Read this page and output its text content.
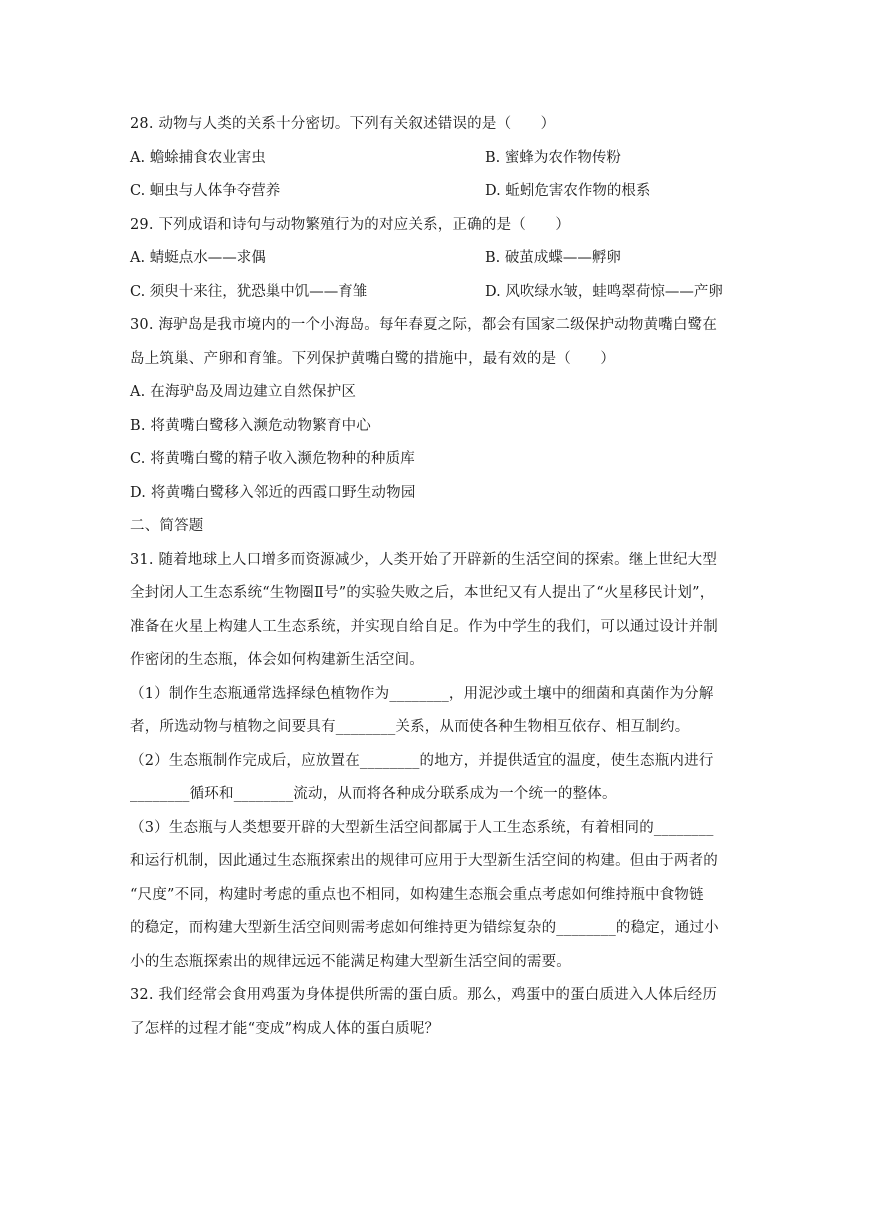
28. 动物与人类的关系十分密切。下列有关叙述错误的是（　　）
A. 蟾蜍捕食农业害虫	B. 蜜蜂为农作物传粉
C. 蛔虫与人体争夺营养	D. 蚯蚓危害农作物的根系
29. 下列成语和诗句与动物繁殖行为的对应关系，正确的是（　　）
A. 蜻蜓点水——求偶	B. 破茧成蝶——孵卵
C. 须臾十来往，犹恐巢中饥——育雏	D. 风吹绿水皱，蛙鸣翠荷惊——产卵
30. 海驴岛是我市境内的一个小海岛。每年春夏之际，都会有国家二级保护动物黄嘴白鹭在
岛上筑巢、产卵和育雏。下列保护黄嘴白鹭的措施中，最有效的是（　　）
A. 在海驴岛及周边建立自然保护区
B. 将黄嘴白鹭移入濒危动物繁育中心
C. 将黄嘴白鹭的精子收入濒危物种的种质库
D. 将黄嘴白鹭移入邻近的西霞口野生动物园
二、简答题
31. 随着地球上人口增多而资源减少，人类开始了开辟新的生活空间的探索。继上世纪大型
全封闭人工生态系统“生物圈Ⅱ号”的实验失败之后，本世纪又有人提出了“火星移民计划”，
准备在火星上构建人工生态系统，并实现自给自足。作为中学生的我们，可以通过设计并制
作密闭的生态瓶，体会如何构建新生活空间。
（1）制作生态瓶通常选择绿色植物作为________，用泥沙或土壤中的细菌和真菌作为分解
者，所选动物与植物之间要具有________关系，从而使各种生物相互依存、相互制约。
（2）生态瓶制作完成后，应放置在________的地方，并提供适宜的温度，使生态瓶内进行
________循环和________流动，从而将各种成分联系成为一个统一的整体。
（3）生态瓶与人类想要开辟的大型新生活空间都属于人工生态系统，有着相同的________
和运行机制，因此通过生态瓶探索出的规律可应用于大型新生活空间的构建。但由于两者的
“尺度”不同，构建时考虑的重点也不相同，如构建生态瓶会重点考虑如何维持瓶中食物链
的稳定，而构建大型新生活空间则需考虑如何维持更为错综复杂的________的稳定，通过小
小的生态瓶探索出的规律远远不能满足构建大型新生活空间的需要。
32. 我们经常会食用鸡蛋为身体提供所需的蛋白质。那么，鸡蛋中的蛋白质进入人体后经历
了怎样的过程才能“变成”构成人体的蛋白质呢？
